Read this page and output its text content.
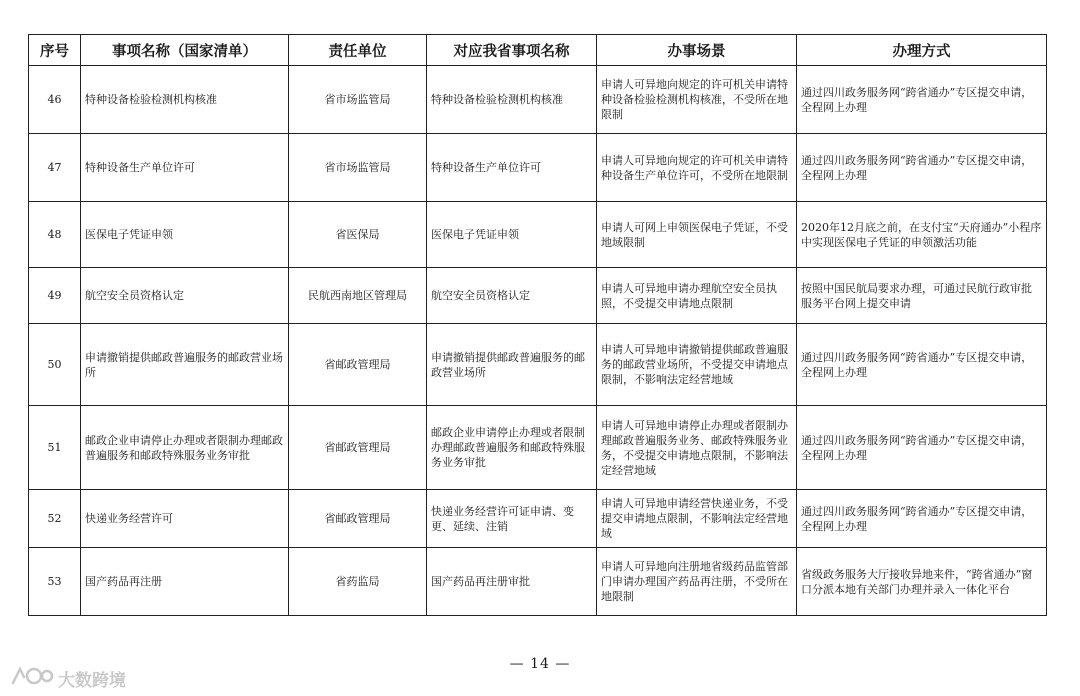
序号	事项名称（国家清单）	责任单位	对应我省事项名称	办事场景	办理方式
46	特种设备检验检测机构核准	省市场监管局	特种设备检验检测机构核准	申请人可异地向规定的许可机关申请特种设备检验检测机构核准，不受所在地限制	通过四川政务服务网“跨省通办”专区提交申请，全程网上办理
47	特种设备生产单位许可	省市场监管局	特种设备生产单位许可	申请人可异地向规定的许可机关申请特种设备生产单位许可，不受所在地限制	通过四川政务服务网“跨省通办”专区提交申请，全程网上办理
48	医保电子凭证申领	省医保局	医保电子凭证申领	申请人可网上申领医保电子凭证，不受地域限制	2020年12月底之前，在支付宝“天府通办”小程序中实现医保电子凭证的申领激活功能
49	航空安全员资格认定	民航西南地区管理局	航空安全员资格认定	申请人可异地申请办理航空安全员执照，不受提交申请地点限制	按照中国民航局要求办理，可通过民航行政审批服务平台网上提交申请
50	申请撤销提供邮政普遍服务的邮政营业场所	省邮政管理局	申请撤销提供邮政普遍服务的邮政营业场所	申请人可异地申请撤销提供邮政普遍服务的邮政营业场所，不受提交申请地点限制，不影响法定经营地域	通过四川政务服务网“跨省通办”专区提交申请，全程网上办理
51	邮政企业申请停止办理或者限制办理邮政普遍服务和邮政特殊服务业务审批	省邮政管理局	邮政企业申请停止办理或者限制办理邮政普遍服务和邮政特殊服务业务审批	申请人可异地申请停止办理或者限制办理邮政普遍服务业务、邮政特殊服务业务，不受提交申请地点限制，不影响法定经营地域	通过四川政务服务网“跨省通办”专区提交申请，全程网上办理
52	快递业务经营许可	省邮政管理局	快递业务经营许可证申请、变更、延续、注销	申请人可异地申请经营快递业务，不受提交申请地点限制，不影响法定经营地域	通过四川政务服务网“跨省通办”专区提交申请，全程网上办理
53	国产药品再注册	省药监局	国产药品再注册审批	申请人可异地向注册地省级药品监管部门申请办理国产药品再注册，不受所在地限制	省级政务服务大厅接收异地来件，“跨省通办”窗口分派本地有关部门办理并录入一体化平台
— 14 —
大数跨境
